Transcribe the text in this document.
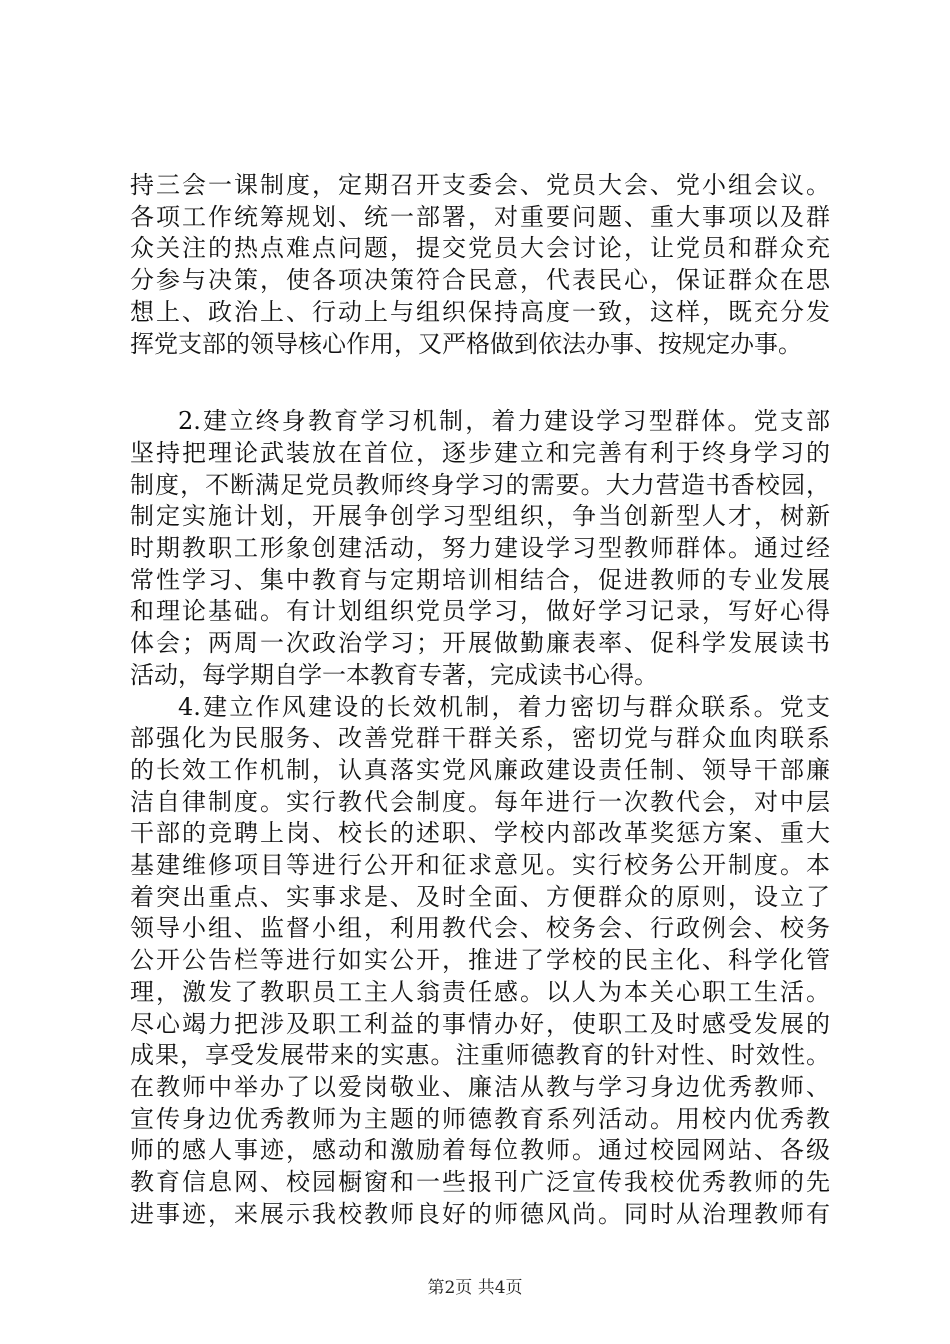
持三会一课制度，定期召开支委会、党员大会、党小组会议。
各项工作统筹规划、统一部署，对重要问题、重大事项以及群
众关注的热点难点问题，提交党员大会讨论，让党员和群众充
分参与决策，使各项决策符合民意，代表民心，保证群众在思
想上、政治上、行动上与组织保持高度一致，这样，既充分发
挥党支部的领导核心作用，又严格做到依法办事、按规定办事。
2.建立终身教育学习机制，着力建设学习型群体。党支部
坚持把理论武装放在首位，逐步建立和完善有利于终身学习的
制度，不断满足党员教师终身学习的需要。大力营造书香校园，
制定实施计划，开展争创学习型组织，争当创新型人才，树新
时期教职工形象创建活动，努力建设学习型教师群体。通过经
常性学习、集中教育与定期培训相结合，促进教师的专业发展
和理论基础。有计划组织党员学习，做好学习记录，写好心得
体会；两周一次政治学习；开展做勤廉表率、促科学发展读书
活动，每学期自学一本教育专著，完成读书心得。
4.建立作风建设的长效机制，着力密切与群众联系。党支
部强化为民服务、改善党群干群关系，密切党与群众血肉联系
的长效工作机制，认真落实党风廉政建设责任制、领导干部廉
洁自律制度。实行教代会制度。每年进行一次教代会，对中层
干部的竞聘上岗、校长的述职、学校内部改革奖惩方案、重大
基建维修项目等进行公开和征求意见。实行校务公开制度。本
着突出重点、实事求是、及时全面、方便群众的原则，设立了
领导小组、监督小组，利用教代会、校务会、行政例会、校务
公开公告栏等进行如实公开，推进了学校的民主化、科学化管
理，激发了教职员工主人翁责任感。以人为本关心职工生活。
尽心竭力把涉及职工利益的事情办好，使职工及时感受发展的
成果，享受发展带来的实惠。注重师德教育的针对性、时效性。
在教师中举办了以爱岗敬业、廉洁从教与学习身边优秀教师、
宣传身边优秀教师为主题的师德教育系列活动。用校内优秀教
师的感人事迹，感动和激励着每位教师。通过校园网站、各级
教育信息网、校园橱窗和一些报刊广泛宣传我校优秀教师的先
进事迹，来展示我校教师良好的师德风尚。同时从治理教师有
第2页 共4页
